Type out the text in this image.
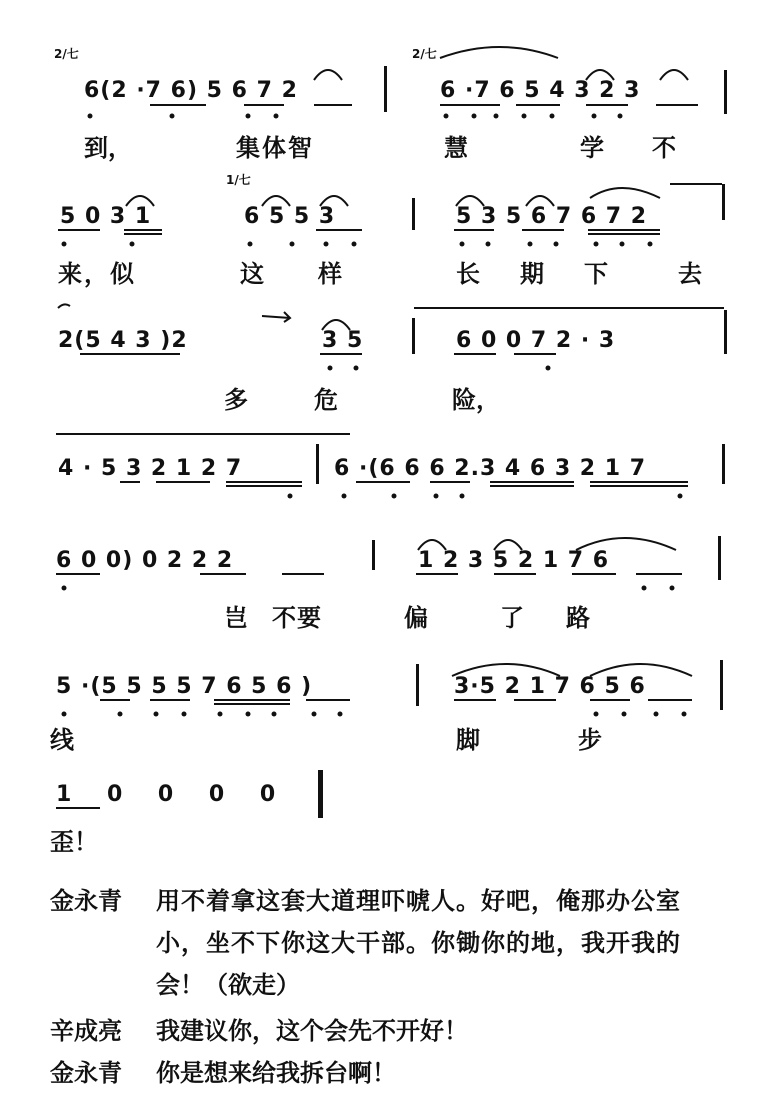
2/七	2/七
6(2 ·7 6) 5 6 7 2	6 ·7 6 5 4 3 2 3
到，	集体智	慧	学 不
1/七
5 0 3 1	6 5 5 3	5 3 5 6 7 6 7 2
来，似	这 样	长 期 下	去
2(5 4 3 )2	3 5	6 0 0 7 2 · 3
多	危	险，
4 · 5 3 2 1 2 7	6 ·(6 6 6 2.3 4 6 3 2 1 7
6 0 0) 0 2 2 2	1 2 3 5 2 1 7 6
岂 不要	偏	了 路
5 ·(5 5 5 5 7 6 5 6 )	3·5 2 1 7 6 5 6
线	脚	步
1 0 0 0 0
歪！
金永青 用不着拿这套大道理吓唬人。好吧，俺那办公室
小，坐不下你这大干部。你锄你的地，我开我的
会！（欲走）
辛成亮 我建议你，这个会先不开好！
金永青 你是想来给我拆台啊！
